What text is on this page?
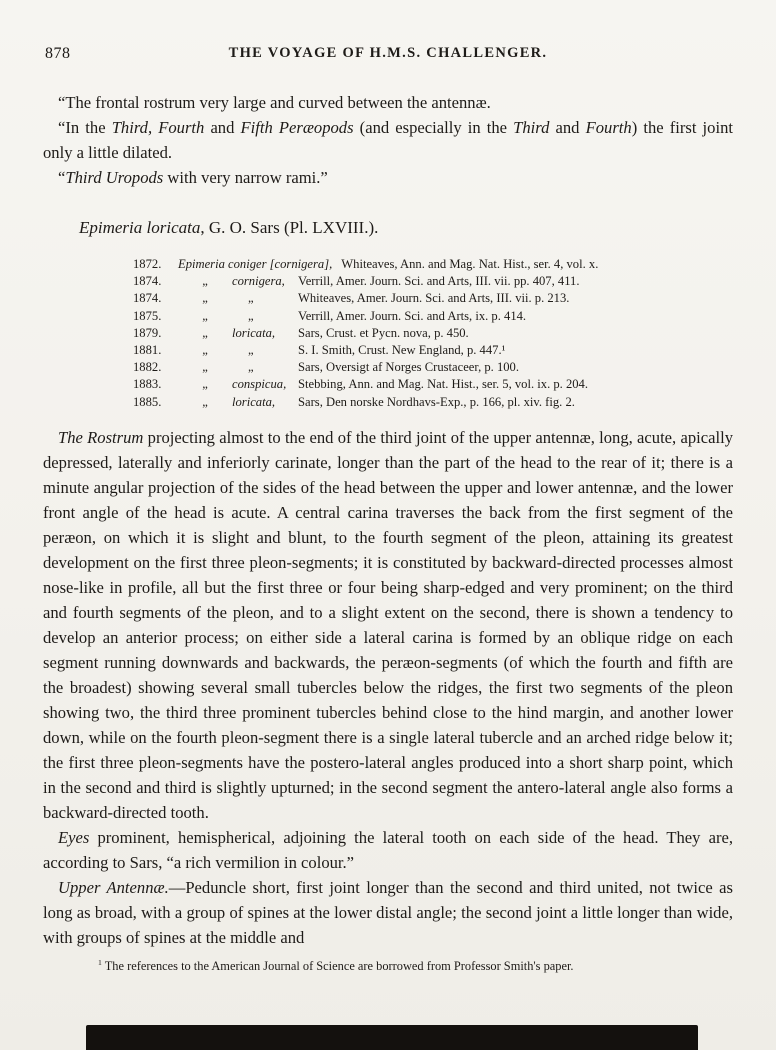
878	THE VOYAGE OF H.M.S. CHALLENGER.

“The frontal rostrum very large and curved between the antennæ.

“In the Third, Fourth and Fifth Peræopods (and especially in the Third and Fourth) the first joint only a little dilated.

“Third Uropods with very narrow rami.”

Epimeria loricata, G. O. Sars (Pl. LXVIII.).

1872.	Epimeria coniger [cornigera], Whiteaves, Ann. and Mag. Nat. Hist., ser. 4, vol. x.
1874.	„	cornigera,	Verrill, Amer. Journ. Sci. and Arts, III. vii. pp. 407, 411.
1874.	„	„	Whiteaves, Amer. Journ. Sci. and Arts, III. vii. p. 213.
1875.	„	„	Verrill, Amer. Journ. Sci. and Arts, ix. p. 414.
1879.	„	loricata,	Sars, Crust. et Pycn. nova, p. 450.
1881.	„	„	S. I. Smith, Crust. New England, p. 447.¹
1882.	„	„	Sars, Oversigt af Norges Crustaceer, p. 100.
1883.	„	conspicua, Stebbing, Ann. and Mag. Nat. Hist., ser. 5, vol. ix. p. 204.
1885.	„	loricata,	Sars, Den norske Nordhavs-Exp., p. 166, pl. xiv. fig. 2.

The Rostrum projecting almost to the end of the third joint of the upper antennæ, long, acute, apically depressed, laterally and inferiorly carinate, longer than the part of the head to the rear of it; there is a minute angular projection of the sides of the head between the upper and lower antennæ, and the lower front angle of the head is acute. A central carina traverses the back from the first segment of the peræon, on which it is slight and blunt, to the fourth segment of the pleon, attaining its greatest development on the first three pleon-segments; it is constituted by backward-directed processes almost nose-like in profile, all but the first three or four being sharp-edged and very prominent; on the third and fourth segments of the pleon, and to a slight extent on the second, there is shown a tendency to develop an anterior process; on either side a lateral carina is formed by an oblique ridge on each segment running downwards and backwards, the peræon-segments (of which the fourth and fifth are the broadest) showing several small tubercles below the ridges, the first two segments of the pleon showing two, the third three prominent tubercles behind close to the hind margin, and another lower down, while on the fourth pleon-segment there is a single lateral tubercle and an arched ridge below it; the first three pleon-segments have the postero-lateral angles produced into a short sharp point, which in the second and third is slightly upturned; in the second segment the antero-lateral angle also forms a backward-directed tooth.

Eyes prominent, hemispherical, adjoining the lateral tooth on each side of the head. They are, according to Sars, “a rich vermilion in colour.”

Upper Antennæ.—Peduncle short, first joint longer than the second and third united, not twice as long as broad, with a group of spines at the lower distal angle; the second joint a little longer than wide, with groups of spines at the middle and

$^1$ The references to the American Journal of Science are borrowed from Professor Smith's paper.
